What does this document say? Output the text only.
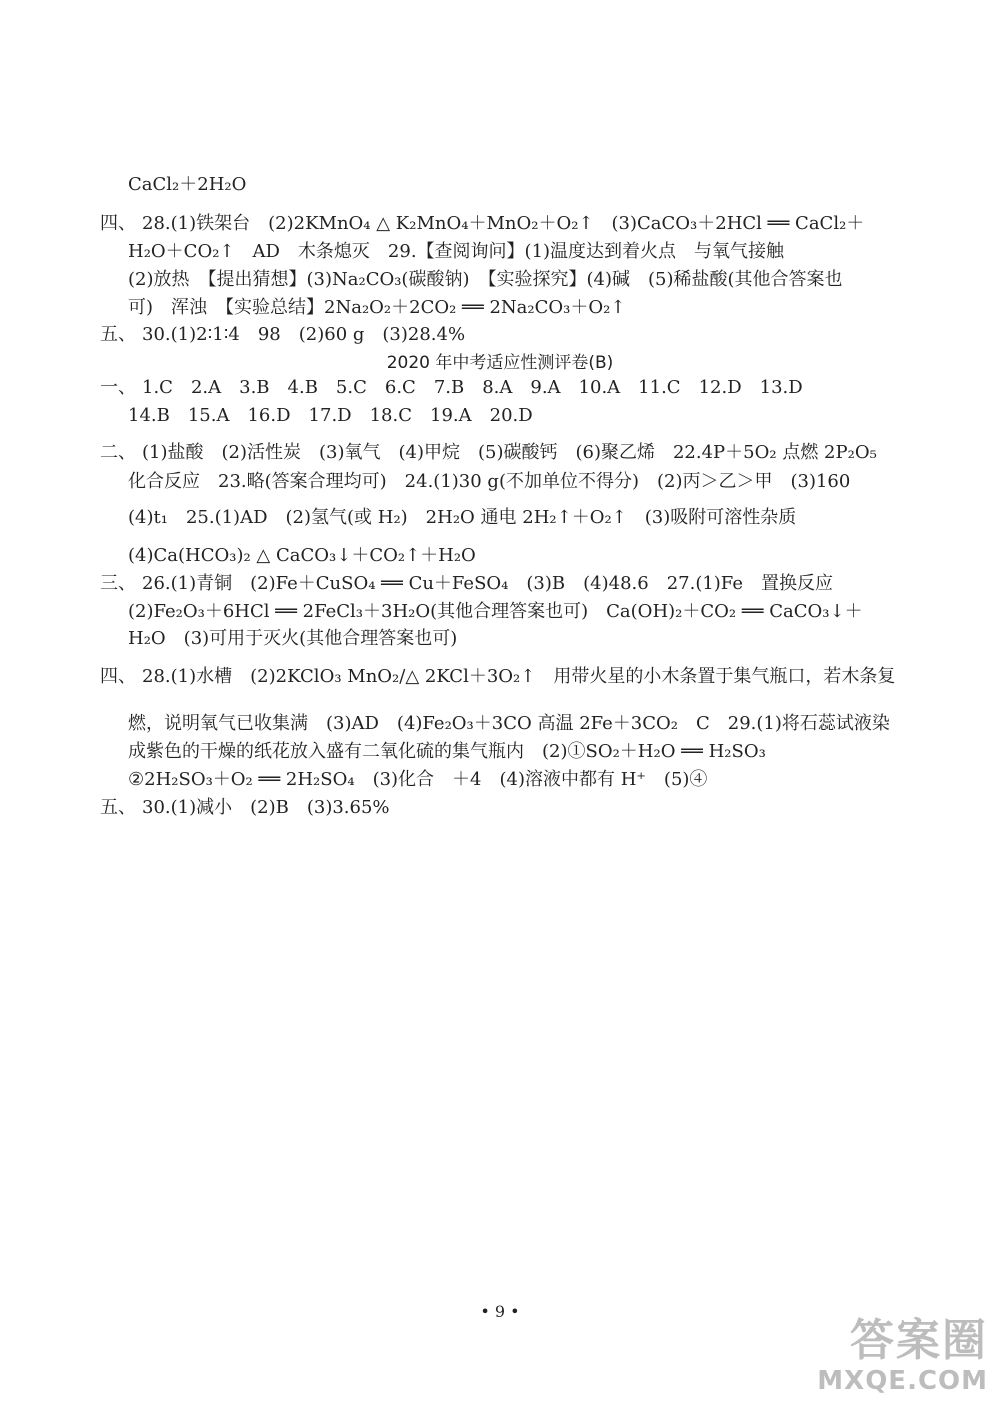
CaCl₂＋2H₂O
四、 28.(1)铁架台　(2)2KMnO₄ △ K₂MnO₄＋MnO₂＋O₂↑　(3)CaCO₃＋2HCl ══ CaCl₂＋
H₂O＋CO₂↑　AD　木条熄灭　29.【查阅询问】(1)温度达到着火点　与氧气接触
(2)放热　【提出猜想】(3)Na₂CO₃(碳酸钠)　【实验探究】(4)碱　(5)稀盐酸(其他合答案也
可)　浑浊　【实验总结】2Na₂O₂＋2CO₂ ══ 2Na₂CO₃＋O₂↑
五、 30.(1)2∶1∶4　98　(2)60 g　(3)28.4%
2020 年中考适应性测评卷(B)
一、 1.C　2.A　3.B　4.B　5.C　6.C　7.B　8.A　9.A　10.A　11.C　12.D　13.D
14.B　15.A　16.D　17.D　18.C　19.A　20.D
二、 (1)盐酸　(2)活性炭　(3)氧气　(4)甲烷　(5)碳酸钙　(6)聚乙烯　22.4P＋5O₂ 点燃 2P₂O₅
化合反应　23.略(答案合理均可)　24.(1)30 g(不加单位不得分)　(2)丙＞乙＞甲　(3)160
(4)t₁　25.(1)AD　(2)氢气(或 H₂)　2H₂O 通电 2H₂↑＋O₂↑　(3)吸附可溶性杂质
(4)Ca(HCO₃)₂ △ CaCO₃↓＋CO₂↑＋H₂O
三、 26.(1)青铜　(2)Fe＋CuSO₄ ══ Cu＋FeSO₄　(3)B　(4)48.6　27.(1)Fe　置换反应
(2)Fe₂O₃＋6HCl ══ 2FeCl₃＋3H₂O(其他合理答案也可)　Ca(OH)₂＋CO₂ ══ CaCO₃↓＋
H₂O　(3)可用于灭火(其他合理答案也可)
四、 28.(1)水槽　(2)2KClO₃ MnO₂/△ 2KCl＋3O₂↑　用带火星的小木条置于集气瓶口，若木条复
燃，说明氧气已收集满　(3)AD　(4)Fe₂O₃＋3CO 高温 2Fe＋3CO₂　C　29.(1)将石蕊试液染
成紫色的干燥的纸花放入盛有二氧化硫的集气瓶内　(2)①SO₂＋H₂O ══ H₂SO₃
②2H₂SO₃＋O₂ ══ 2H₂SO₄　(3)化合　＋4　(4)溶液中都有 H⁺　(5)④
五、 30.(1)减小　(2)B　(3)3.65%
• 9 •
答案圈
MXQE.COM
